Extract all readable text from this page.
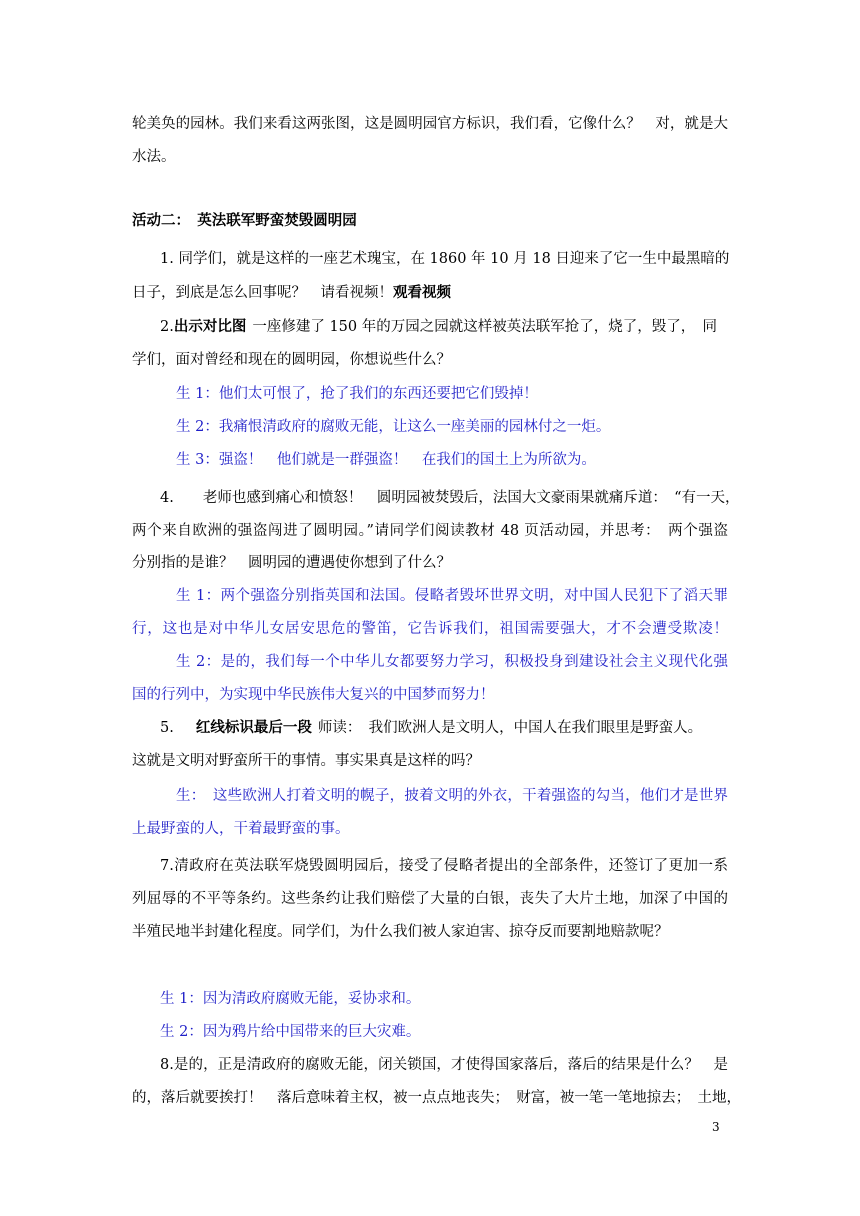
轮美奂的园林。我们来看这两张图，这是圆明园官方标识，我们看，它像什么？　对，就是大
水法。
活动二：　英法联军野蛮焚毁圆明园
1. 同学们，就是这样的一座艺术瑰宝，在 1860 年 10 月 18 日迎来了它一生中最黑暗的
日子，到底是怎么回事呢？　请看视频！观看视频
2.出示对比图 一座修建了 150 年的万园之园就这样被英法联军抢了，烧了，毁了，　同
学们，面对曾经和现在的圆明园，你想说些什么？
生 1：他们太可恨了，抢了我们的东西还要把它们毁掉！
生 2：我痛恨清政府的腐败无能，让这么一座美丽的园林付之一炬。
生 3：强盗！　他们就是一群强盗！　在我们的国土上为所欲为。
4.　　老师也感到痛心和愤怒！　圆明园被焚毁后，法国大文豪雨果就痛斥道：　“有一天，
两个来自欧洲的强盗闯进了圆明园。”请同学们阅读教材 48 页活动园，并思考：　两个强盗
分别指的是谁？　圆明园的遭遇使你想到了什么？
生 1：两个强盗分别指英国和法国。侵略者毁坏世界文明，对中国人民犯下了滔天罪
行，这也是对中华儿女居安思危的警笛，它告诉我们，祖国需要强大，才不会遭受欺凌！
生 2：是的，我们每一个中华儿女都要努力学习，积极投身到建设社会主义现代化强
国的行列中，为实现中华民族伟大复兴的中国梦而努力！
5. 红线标识最后一段 师读：　我们欧洲人是文明人，中国人在我们眼里是野蛮人。
这就是文明对野蛮所干的事情。事实果真是这样的吗？
生：　这些欧洲人打着文明的幌子，披着文明的外衣，干着强盗的勾当，他们才是世界
上最野蛮的人，干着最野蛮的事。
7.清政府在英法联军烧毁圆明园后，接受了侵略者提出的全部条件，还签订了更加一系
列屈辱的不平等条约。这些条约让我们赔偿了大量的白银，丧失了大片土地，加深了中国的
半殖民地半封建化程度。同学们，为什么我们被人家迫害、掠夺反而要割地赔款呢？
生 1：因为清政府腐败无能，妥协求和。
生 2：因为鸦片给中国带来的巨大灾难。
8.是的，正是清政府的腐败无能，闭关锁国，才使得国家落后，落后的结果是什么？　是
的，落后就要挨打！　落后意味着主权，被一点点地丧失；　财富，被一笔一笔地掠去；　土地，
3
